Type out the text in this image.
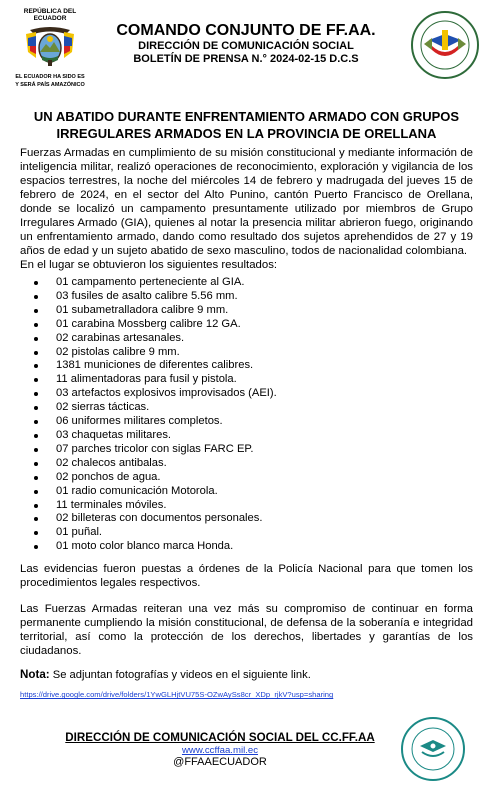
REPÚBLICA DEL ECUADOR
EL ECUADOR HA SIDO ES
Y SERÁ PAÍS AMAZÓNICO
COMANDO CONJUNTO DE FF.AA.
DIRECCIÓN DE COMUNICACIÓN SOCIAL
BOLETÍN DE PRENSA N.° 2024-02-15 D.C.S
UN ABATIDO DURANTE ENFRENTAMIENTO ARMADO CON GRUPOS IRREGULARES ARMADOS EN LA PROVINCIA DE ORELLANA

Fuerzas Armadas en cumplimiento de su misión constitucional y mediante información de inteligencia militar, realizó operaciones de reconocimiento, exploración y vigilancia de los espacios terrestres, la noche del miércoles 14 de febrero y madrugada del jueves 15 de febrero de 2024, en el sector del Alto Punino, cantón Puerto Francisco de Orellana, donde se localizó un campamento presuntamente utilizado por miembros de Grupo Irregulares Armado (GIA), quienes al notar la presencia militar abrieron fuego, originando un enfrentamiento armado, dando como resultado dos sujetos aprehendidos de 27 y 19 años de edad y un sujeto abatido de sexo masculino, todos de nacionalidad colombiana.

En el lugar se obtuvieron los siguientes resultados:

01 campamento perteneciente al GIA.
03 fusiles de asalto calibre 5.56 mm.
01 subametralladora calibre 9 mm.
01 carabina Mossberg calibre 12 GA.
02 carabinas artesanales.
02 pistolas calibre 9 mm.
1381 municiones de diferentes calibres.
11 alimentadoras para fusil y pistola.
03 artefactos explosivos improvisados (AEI).
02 sierras tácticas.
06 uniformes militares completos.
03 chaquetas militares.
07 parches tricolor con siglas FARC EP.
02 chalecos antibalas.
02 ponchos de agua.
01 radio comunicación Motorola.
11 terminales móviles.
02 billeteras con documentos personales.
01 puñal.
01 moto color blanco marca Honda.

Las evidencias fueron puestas a órdenes de la Policía Nacional para que tomen los procedimientos legales respectivos.

Las Fuerzas Armadas reiteran una vez más su compromiso de continuar en forma permanente cumpliendo la misión constitucional, de defensa de la soberanía e integridad territorial, así como la protección de los derechos, libertades y garantías de los ciudadanos.

Nota: Se adjuntan fotografías y videos en el siguiente link.
https://drive.google.com/drive/folders/1YwGLHjtVU75S-OZwAySs8cr_XDp_rjkV?usp=sharing
DIRECCIÓN DE COMUNICACIÓN SOCIAL DEL CC.FF.AA
www.ccffaa.mil.ec
@FFAAECUADOR
